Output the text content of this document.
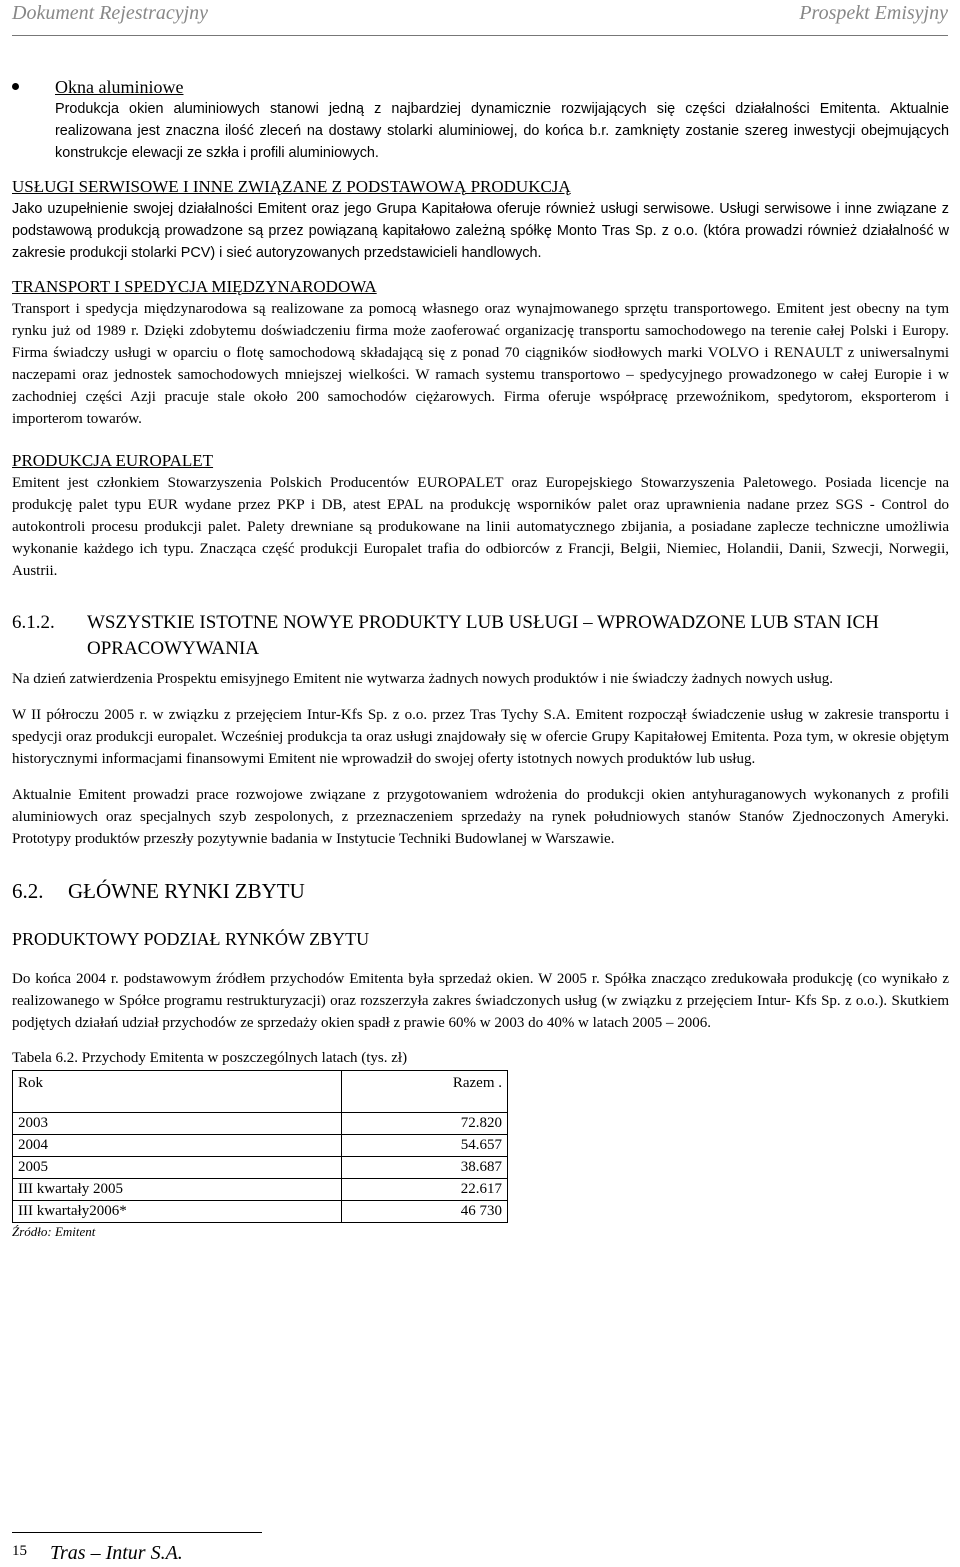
Dokument Rejestracyjny	Prospekt Emisyjny
Okna aluminiowe

Produkcja okien aluminiowych stanowi jedną z najbardziej dynamicznie rozwijających się części działalności Emitenta. Aktualnie realizowana jest znaczna ilość zleceń na dostawy stolarki aluminiowej, do końca b.r. zamknięty zostanie szereg inwestycji obejmujących konstrukcje elewacji ze szkła i profili aluminiowych.

USŁUGI SERWISOWE I INNE ZWIĄZANE Z PODSTAWOWĄ PRODUKCJĄ

Jako uzupełnienie swojej działalności Emitent oraz jego Grupa Kapitałowa oferuje również usługi serwisowe. Usługi serwisowe i inne związane z podstawową produkcją prowadzone są przez powiązaną kapitałowo zależną spółkę Monto Tras Sp. z o.o. (która prowadzi również działalność w zakresie produkcji stolarki PCV) i sieć autoryzowanych przedstawicieli handlowych.

TRANSPORT I SPEDYCJA MIĘDZYNARODOWA

Transport i spedycja międzynarodowa są realizowane za pomocą własnego oraz wynajmowanego sprzętu transportowego. Emitent jest obecny na tym rynku już od 1989 r. Dzięki zdobytemu doświadczeniu firma może zaoferować organizację transportu samochodowego na terenie całej Polski i Europy. Firma świadczy usługi w oparciu o flotę samochodową składającą się z ponad 70 ciągników siodłowych marki VOLVO i RENAULT z uniwersalnymi naczepami oraz jednostek samochodowych mniejszej wielkości. W ramach systemu transportowo – spedycyjnego prowadzonego w całej Europie i w zachodniej części Azji pracuje stale około 200 samochodów ciężarowych. Firma oferuje współpracę przewoźnikom, spedytorom, eksporterom i importerom towarów.

PRODUKCJA EUROPALET

Emitent jest członkiem Stowarzyszenia Polskich Producentów EUROPALET oraz Europejskiego Stowarzyszenia Paletowego. Posiada licencje na produkcję palet typu EUR wydane przez PKP i DB, atest EPAL na produkcję wsporników palet oraz uprawnienia nadane przez SGS - Control do autokontroli procesu produkcji palet. Palety drewniane są produkowane na linii automatycznego zbijania, a posiadane zaplecze techniczne umożliwia wykonanie każdego ich typu. Znacząca część produkcji Europalet trafia do odbiorców z Francji, Belgii, Niemiec, Holandii, Danii, Szwecji, Norwegii, Austrii.

6.1.2.	WSZYSTKIE ISTOTNE NOWYE PRODUKTY LUB USŁUGI – WPROWADZONE LUB STAN ICH OPRACOWYWANIA

Na dzień zatwierdzenia Prospektu emisyjnego Emitent nie wytwarza żadnych nowych produktów i nie świadczy żadnych nowych usług.

W II półroczu 2005 r. w związku z przejęciem Intur-Kfs Sp. z o.o. przez Tras Tychy S.A. Emitent rozpoczął świadczenie usług w zakresie transportu i spedycji oraz produkcji europalet. Wcześniej produkcja ta oraz usługi znajdowały się w ofercie Grupy Kapitałowej Emitenta. Poza tym, w okresie objętym historycznymi informacjami finansowymi Emitent nie wprowadził do swojej oferty istotnych nowych produktów lub usług.

Aktualnie Emitent prowadzi prace rozwojowe związane z przygotowaniem wdrożenia do produkcji okien antyhuraganowych wykonanych z profili aluminiowych oraz specjalnych szyb zespolonych, z przeznaczeniem sprzedaży na rynek południowych stanów Stanów Zjednoczonych Ameryki. Prototypy produktów przeszły pozytywnie badania w Instytucie Techniki Budowlanej w Warszawie.

6.2.	GŁÓWNE RYNKI ZBYTU
PRODUKTOWY PODZIAŁ RYNKÓW ZBYTU

Do końca 2004 r. podstawowym źródłem przychodów Emitenta była sprzedaż okien. W 2005 r. Spółka znacząco zredukowała produkcję (co wynikało z realizowanego w Spółce programu restrukturyzacji) oraz rozszerzyła zakres świadczonych usług (w związku z przejęciem Intur- Kfs Sp. z o.o.). Skutkiem podjętych działań udział przychodów ze sprzedaży okien spadł z prawie 60% w 2003 do 40% w latach 2005 – 2006.

Tabela 6.2. Przychody Emitenta w poszczególnych latach (tys. zł)
Rok	Razem .
2003	72.820
2004	54.657
2005	38.687
III kwartały 2005	22.617
III kwartały2006*	46 730
Źródło: Emitent
15 Tras – Intur S.A.
